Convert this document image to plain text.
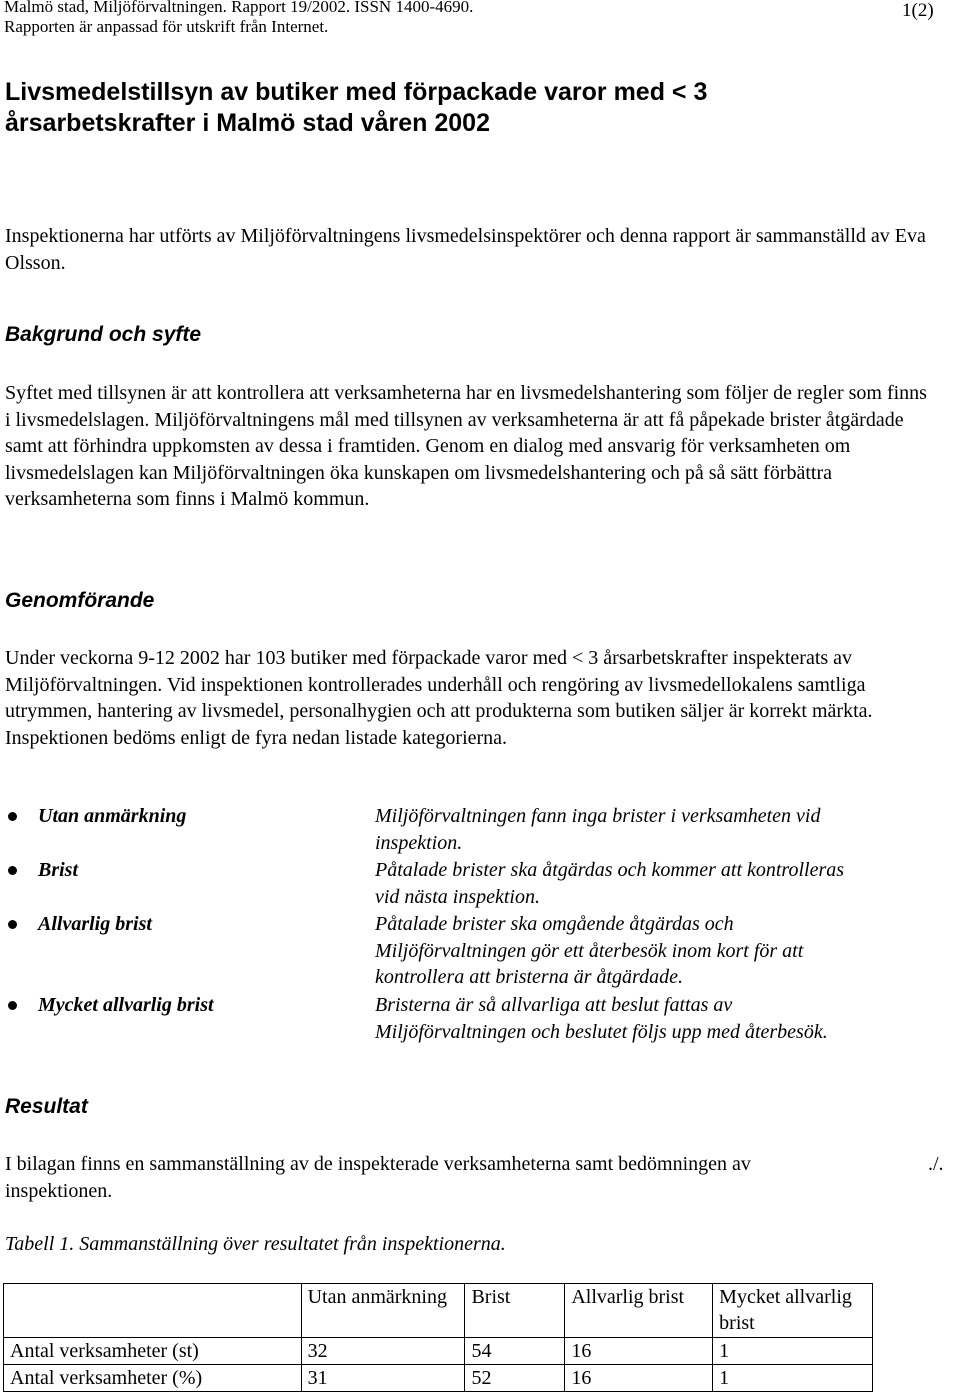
Malmö stad, Miljöförvaltningen. Rapport 19/2002. ISSN 1400-4690.
Rapporten är anpassad för utskrift från Internet.
1(2)
Livsmedelstillsyn av butiker med förpackade varor med < 3
årsarbetskrafter i Malmö stad våren 2002
Inspektionerna har utförts av Miljöförvaltningens livsmedelsinspektörer och denna rapport är sammanställd av Eva Olsson.
Bakgrund och syfte
Syftet med tillsynen är att kontrollera att verksamheterna har en livsmedelshantering som följer de regler som finns i livsmedelslagen. Miljöförvaltningens mål med tillsynen av verksamheterna är att få påpekade brister åtgärdade samt att förhindra uppkomsten av dessa i framtiden. Genom en dialog med ansvarig för verksamheten om livsmedelslagen kan Miljöförvaltningen öka kunskapen om livsmedelshantering och på så sätt förbättra verksamheterna som finns i Malmö kommun.
Genomförande
Under veckorna 9-12 2002 har 103 butiker med förpackade varor med < 3 årsarbetskrafter inspekterats av Miljöförvaltningen. Vid inspektionen kontrollerades underhåll och rengöring av livsmedellokalens samtliga utrymmen, hantering av livsmedel, personalhygien och att produkterna som butiken säljer är korrekt märkta. Inspektionen bedöms enligt de fyra nedan listade kategorierna.
Utan anmärkning	Miljöförvaltningen fann inga brister i verksamheten vid inspektion.
Brist	Påtalade brister ska åtgärdas och kommer att kontrolleras vid nästa inspektion.
Allvarlig brist	Påtalade brister ska omgående åtgärdas och Miljöförvaltningen gör ett återbesök inom kort för att kontrollera att bristerna är åtgärdade.
Mycket allvarlig brist	Bristerna är så allvarliga att beslut fattas av Miljöförvaltningen och beslutet följs upp med återbesök.
Resultat
I bilagan finns en sammanställning av de inspekterade verksamheterna samt bedömningen av inspektionen.
./.
Tabell 1. Sammanställning över resultatet från inspektionerna.
	Utan anmärkning	Brist	Allvarlig brist	Mycket allvarlig brist
Antal verksamheter (st)	32	54	16	1
Antal verksamheter (%)	31	52	16	1
